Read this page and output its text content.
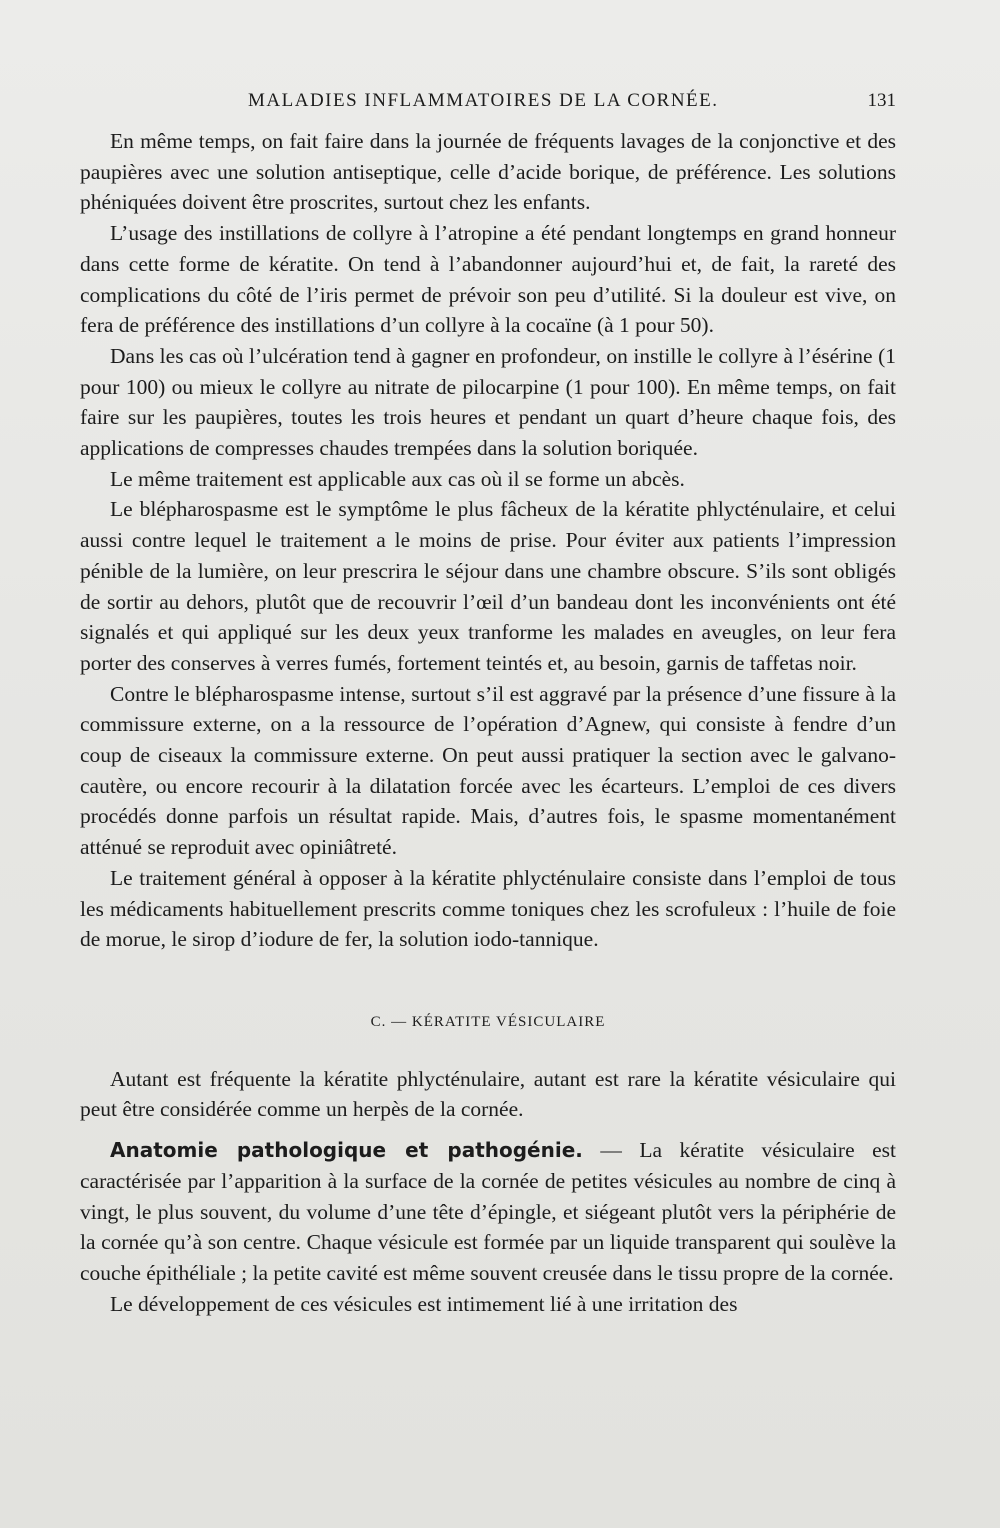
MALADIES INFLAMMATOIRES DE LA CORNÉE.	131

En même temps, on fait faire dans la journée de fréquents lavages de la conjonctive et des paupières avec une solution antiseptique, celle d’acide borique, de préférence. Les solutions phéniquées doivent être proscrites, surtout chez les enfants.

L’usage des instillations de collyre à l’atropine a été pendant longtemps en grand honneur dans cette forme de kératite. On tend à l’abandonner aujourd’hui et, de fait, la rareté des complications du côté de l’iris permet de prévoir son peu d’utilité. Si la douleur est vive, on fera de préférence des instillations d’un collyre à la cocaïne (à 1 pour 50).

Dans les cas où l’ulcération tend à gagner en profondeur, on instille le collyre à l’ésérine (1 pour 100) ou mieux le collyre au nitrate de pilocarpine (1 pour 100). En même temps, on fait faire sur les paupières, toutes les trois heures et pendant un quart d’heure chaque fois, des applications de compresses chaudes trempées dans la solution boriquée.

Le même traitement est applicable aux cas où il se forme un abcès.

Le blépharospasme est le symptôme le plus fâcheux de la kératite phlycténulaire, et celui aussi contre lequel le traitement a le moins de prise. Pour éviter aux patients l’impression pénible de la lumière, on leur prescrira le séjour dans une chambre obscure. S’ils sont obligés de sortir au dehors, plutôt que de recouvrir l’œil d’un bandeau dont les inconvénients ont été signalés et qui appliqué sur les deux yeux tranforme les malades en aveugles, on leur fera porter des conserves à verres fumés, fortement teintés et, au besoin, garnis de taffetas noir.

Contre le blépharospasme intense, surtout s’il est aggravé par la présence d’une fissure à la commissure externe, on a la ressource de l’opération d’Agnew, qui consiste à fendre d’un coup de ciseaux la commissure externe. On peut aussi pratiquer la section avec le galvano-cautère, ou encore recourir à la dilatation forcée avec les écarteurs. L’emploi de ces divers procédés donne parfois un résultat rapide. Mais, d’autres fois, le spasme momentanément atténué se reproduit avec opiniâtreté.

Le traitement général à opposer à la kératite phlycténulaire consiste dans l’emploi de tous les médicaments habituellement prescrits comme toniques chez les scrofuleux : l’huile de foie de morue, le sirop d’iodure de fer, la solution iodo-tannique.

C. — KÉRATITE VÉSICULAIRE

Autant est fréquente la kératite phlycténulaire, autant est rare la kératite vésiculaire qui peut être considérée comme un herpès de la cornée.

Anatomie pathologique et pathogénie. — La kératite vésiculaire est caractérisée par l’apparition à la surface de la cornée de petites vésicules au nombre de cinq à vingt, le plus souvent, du volume d’une tête d’épingle, et siégeant plutôt vers la périphérie de la cornée qu’à son centre. Chaque vésicule est formée par un liquide transparent qui soulève la couche épithéliale ; la petite cavité est même souvent creusée dans le tissu propre de la cornée.

Le développement de ces vésicules est intimement lié à une irritation des
